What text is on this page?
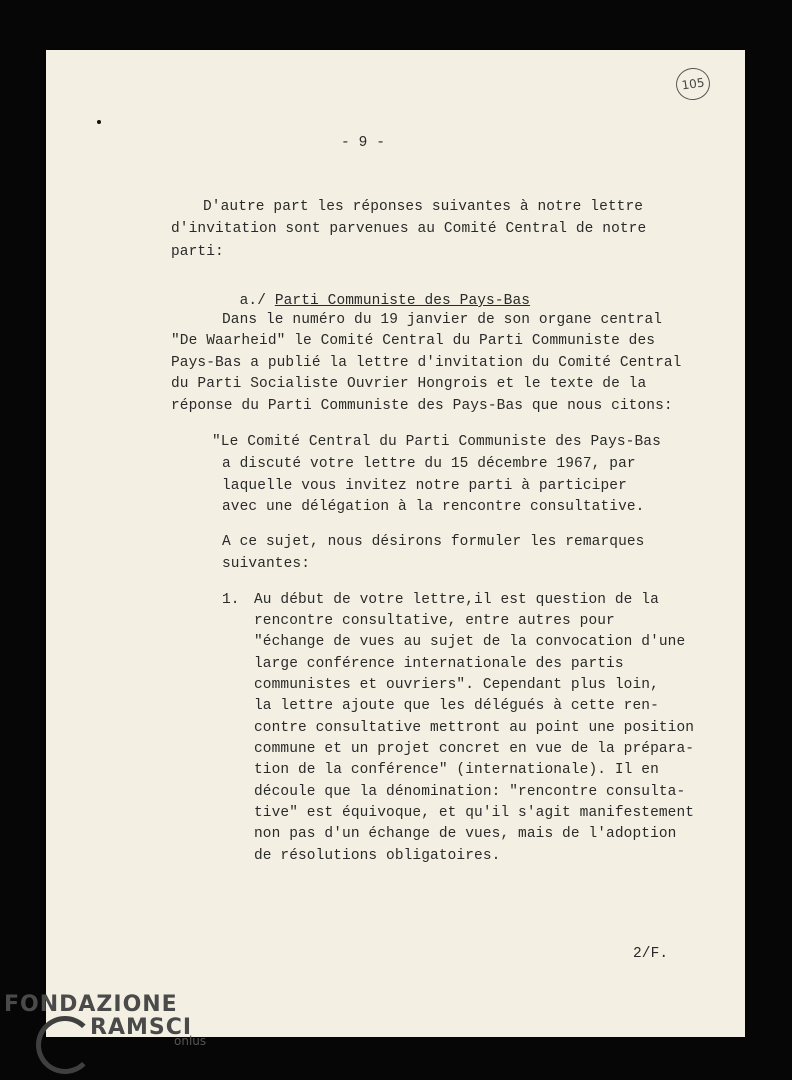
105
- 9 -

D'autre part les réponses suivantes à notre lettre

d'invitation sont parvenues au Comité Central de notre

parti:

a./ Parti Communiste des Pays-Bas

Dans le numéro du 19 janvier de son organe central

"De Waarheid" le Comité Central du Parti Communiste des

Pays-Bas a publié la lettre d'invitation du Comité Central

du Parti Socialiste Ouvrier Hongrois et le texte de la

réponse du Parti Communiste des Pays-Bas que nous citons:

"Le Comité Central du Parti Communiste des Pays-Bas

a discuté votre lettre du 15 décembre 1967, par

laquelle vous invitez notre parti à participer

avec une délégation à la rencontre consultative.

A ce sujet, nous désirons formuler les remarques

suivantes:

1.

Au début de votre lettre,il est question de la

rencontre consultative, entre autres pour

"échange de vues au sujet de la convocation d'une

large conférence internationale des partis

communistes et ouvriers". Cependant plus loin,

la lettre ajoute que les délégués à cette ren-

contre consultative mettront au point une position

commune et un projet concret en vue de la prépara-

tion de la conférence" (internationale). Il en

découle que la dénomination: "rencontre consulta-

tive" est équivoque, et qu'il s'agit manifestement

non pas d'un échange de vues, mais de l'adoption

de résolutions obligatoires.

2/F.
FONDAZIONE
RAMSCI
onlus
